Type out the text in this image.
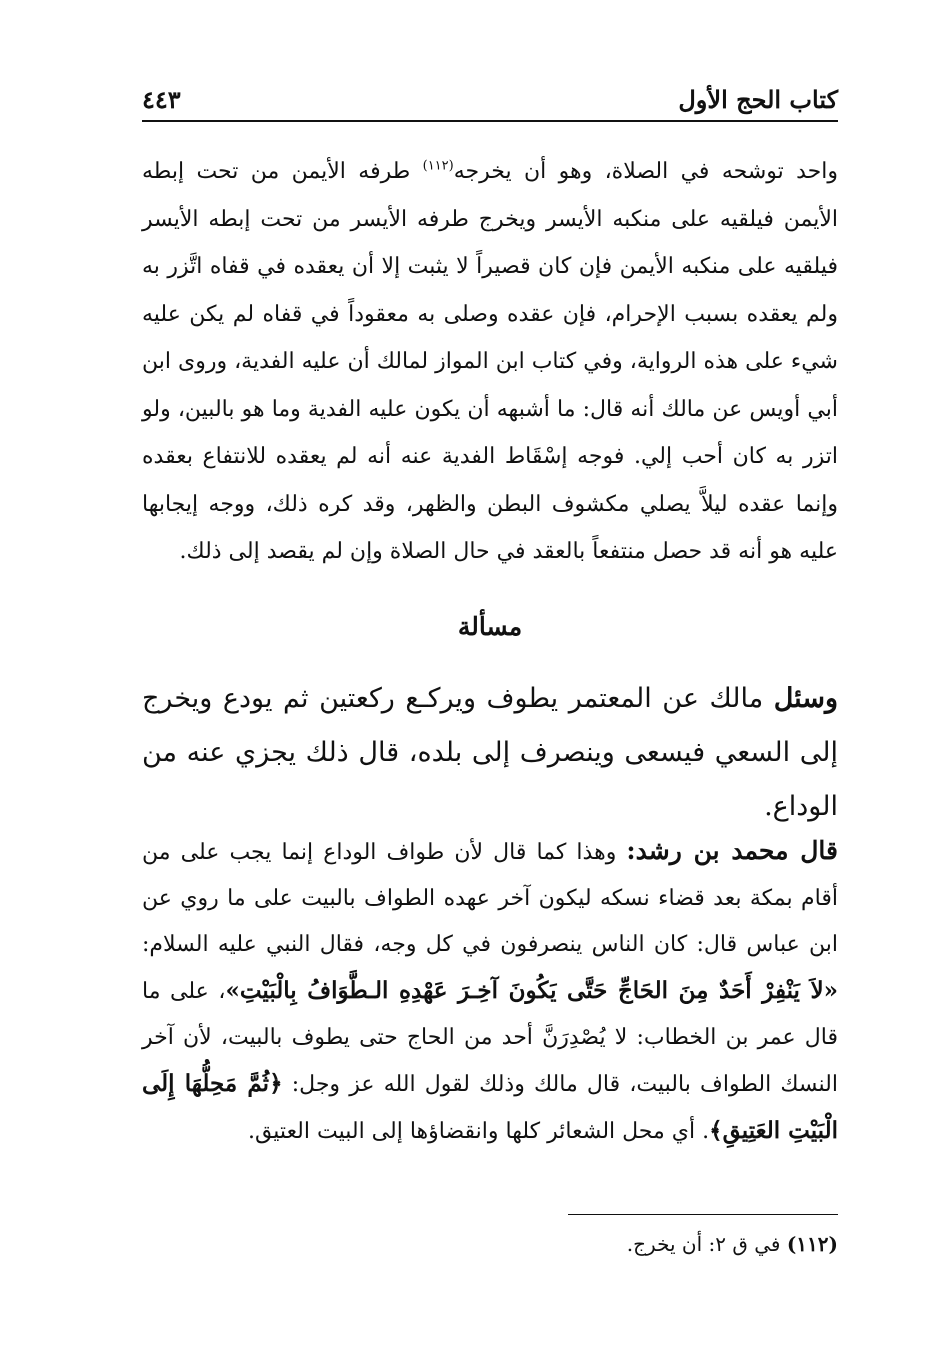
كتاب الحج الأول
٤٤٣

واحد توشحه في الصلاة، وهو أن يخرجه$^{(١١٢)}$ طرفه الأيمن من تحت إبطه الأيمن فيلقيه على منكبه الأيسر ويخرج طرفه الأيسر من تحت إبطه الأيسر فيلقيه على منكبه الأيمن فإن كان قصيراً لا يثبت إلا أن يعقده في قفاه اتَّزر به ولم يعقده بسبب الإحرام، فإن عقده وصلى به معقوداً في قفاه لم يكن عليه شيء على هذه الرواية، وفي كتاب ابن المواز لمالك أن عليه الفدية، وروى ابن أبي أويس عن مالك أنه قال: ما أشبهه أن يكون عليه الفدية وما هو بالبين، ولو اتزر به كان أحب إلي. فوجه إسْقَاط الفدية عنه أنه لم يعقده للانتفاع بعقده وإنما عقده ليلاَّ يصلي مكشوف البطن والظهر، وقد كره ذلك، ووجه إيجابها عليه هو أنه قد حصل منتفعاً بالعقد في حال الصلاة وإن لم يقصد إلى ذلك.

مسألة
وسئل مالك عن المعتمر يطوف ويركـع ركعتين ثم يودع ويخرج إلى السعي فيسعى وينصرف إلى بلده، قال ذلك يجزي عنه من الوداع.
قال محمد بن رشد: وهذا كما قال لأن طواف الوداع إنما يجب على من أقام بمكة بعد قضاء نسكه ليكون آخر عهده الطواف بالبيت على ما روي عن ابن عباس قال: كان الناس ينصرفون في كل وجه، فقال النبي عليه السلام: «لاَ يَنْفِرْ أَحَدٌ مِنَ الحَاجِّ حَتَّى يَكُونَ آخِـرَ عَهْدِهِ الـطَّوَافُ بِالْبَيْتِ»، على ما قال عمر بن الخطاب: لا يُصْدِرَنَّ أحد من الحاج حتى يطوف بالبيت، لأن آخر النسك الطواف بالبيت، قال مالك وذلك لقول الله عز وجل: ﴿ثُمَّ مَحِلُّهَا إِلَى الْبَيْتِ العَتِيقِ﴾. أي محل الشعائر كلها وانقضاؤها إلى البيت العتيق.
(١١٢) في ق ٢: أن يخرج.
